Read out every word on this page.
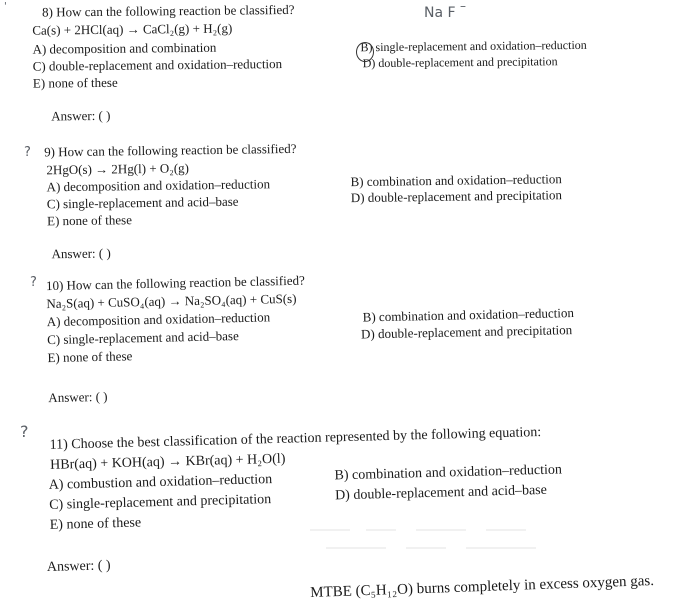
'	Na F –
?
?
?
8) How can the following reaction be classified?
Ca(s) + 2HCl(aq) → CaCl₂(g) + H₂(g)
A) decomposition and combination
C) double-replacement and oxidation–reduction
E) none of these
B) single-replacement and oxidation–reduction
D) double-replacement and precipitation
Answer: ( )
9) How can the following reaction be classified?
2HgO(s) → 2Hg(l) + O₂(g)
A) decomposition and oxidation–reduction
C) single-replacement and acid–base
E) none of these
B) combination and oxidation–reduction
D) double-replacement and precipitation
Answer: ( )
10) How can the following reaction be classified?
Na₂S(aq) + CuSO₄(aq) → Na₂SO₄(aq) + CuS(s)
A) decomposition and oxidation–reduction
C) single-replacement and acid–base
E) none of these
B) combination and oxidation–reduction
D) double-replacement and precipitation
Answer: ( )
11) Choose the best classification of the reaction represented by the following equation:
HBr(aq) + KOH(aq) → KBr(aq) + H₂O(l)
A) combustion and oxidation–reduction
C) single-replacement and precipitation
E) none of these
B) combination and oxidation–reduction
D) double-replacement and acid–base
Answer: ( )
MTBE (C₅H₁₂O) burns completely in excess oxygen gas.
